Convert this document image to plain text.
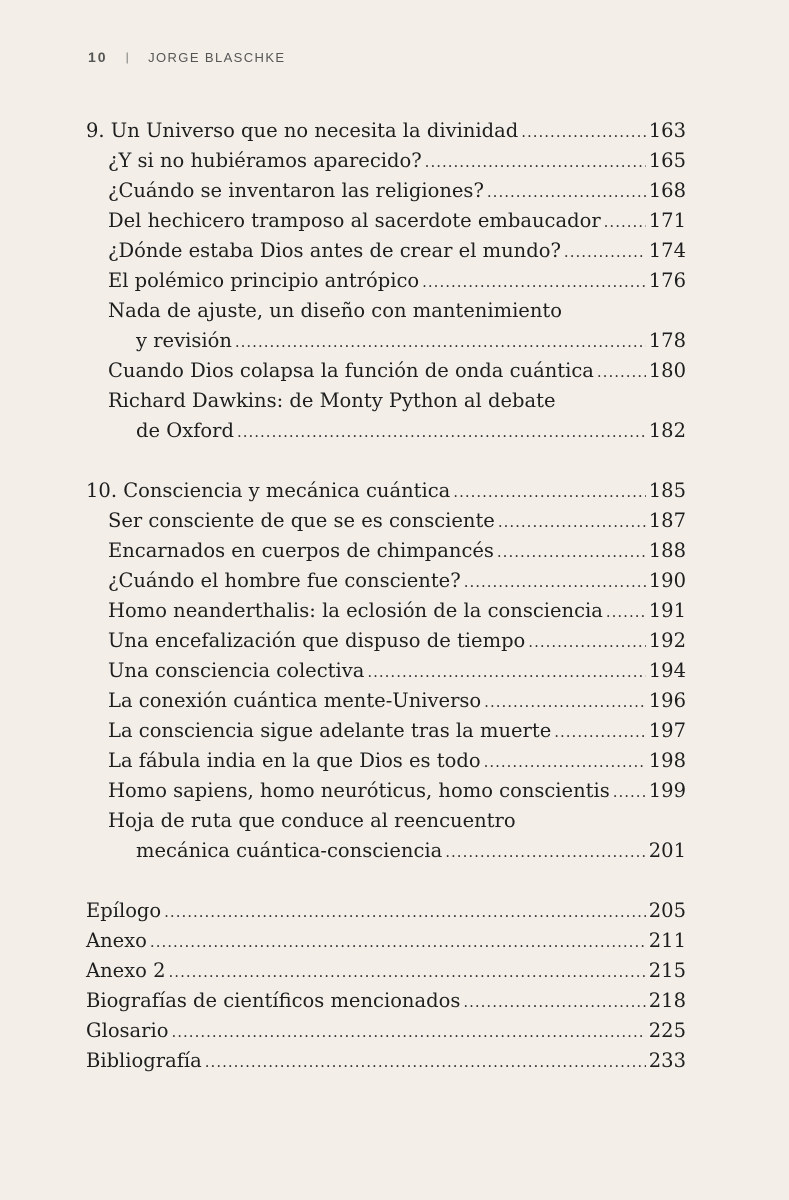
10 | JORGE BLASCHKE
9. Un Universo que no necesita la divinidad .....	163
¿Y si no hubiéramos aparecido? .....	165
¿Cuándo se inventaron las religiones? .....	168
Del hechicero tramposo al sacerdote embaucador ..... 171
¿Dónde estaba Dios antes de crear el mundo? .....	174
El polémico principio antrópico .....	176
Nada de ajuste, un diseño con mantenimiento
y revisión .....	178
Cuando Dios colapsa la función de onda cuántica .....	180
Richard Dawkins: de Monty Python al debate
de Oxford .....	182
10. Consciencia y mecánica cuántica .....	185
Ser consciente de que se es consciente .....	187
Encarnados en cuerpos de chimpancés .....	188
¿Cuándo el hombre fue consciente? .....	190
Homo neanderthalis: la eclosión de la consciencia ..... 191
Una encefalización que dispuso de tiempo .....	192
Una consciencia colectiva .....	194
La conexión cuántica mente-Universo .....	196
La consciencia sigue adelante tras la muerte .....	197
La fábula india en la que Dios es todo .....	198
Homo sapiens, homo neuróticus, homo conscientis ..... 199
Hoja de ruta que conduce al reencuentro
mecánica cuántica-consciencia .....	201
Epílogo .....	205
Anexo .....	211
Anexo 2 .....	215
Biografías de científicos mencionados .....	218
Glosario .....	225
Bibliografía .....	233
